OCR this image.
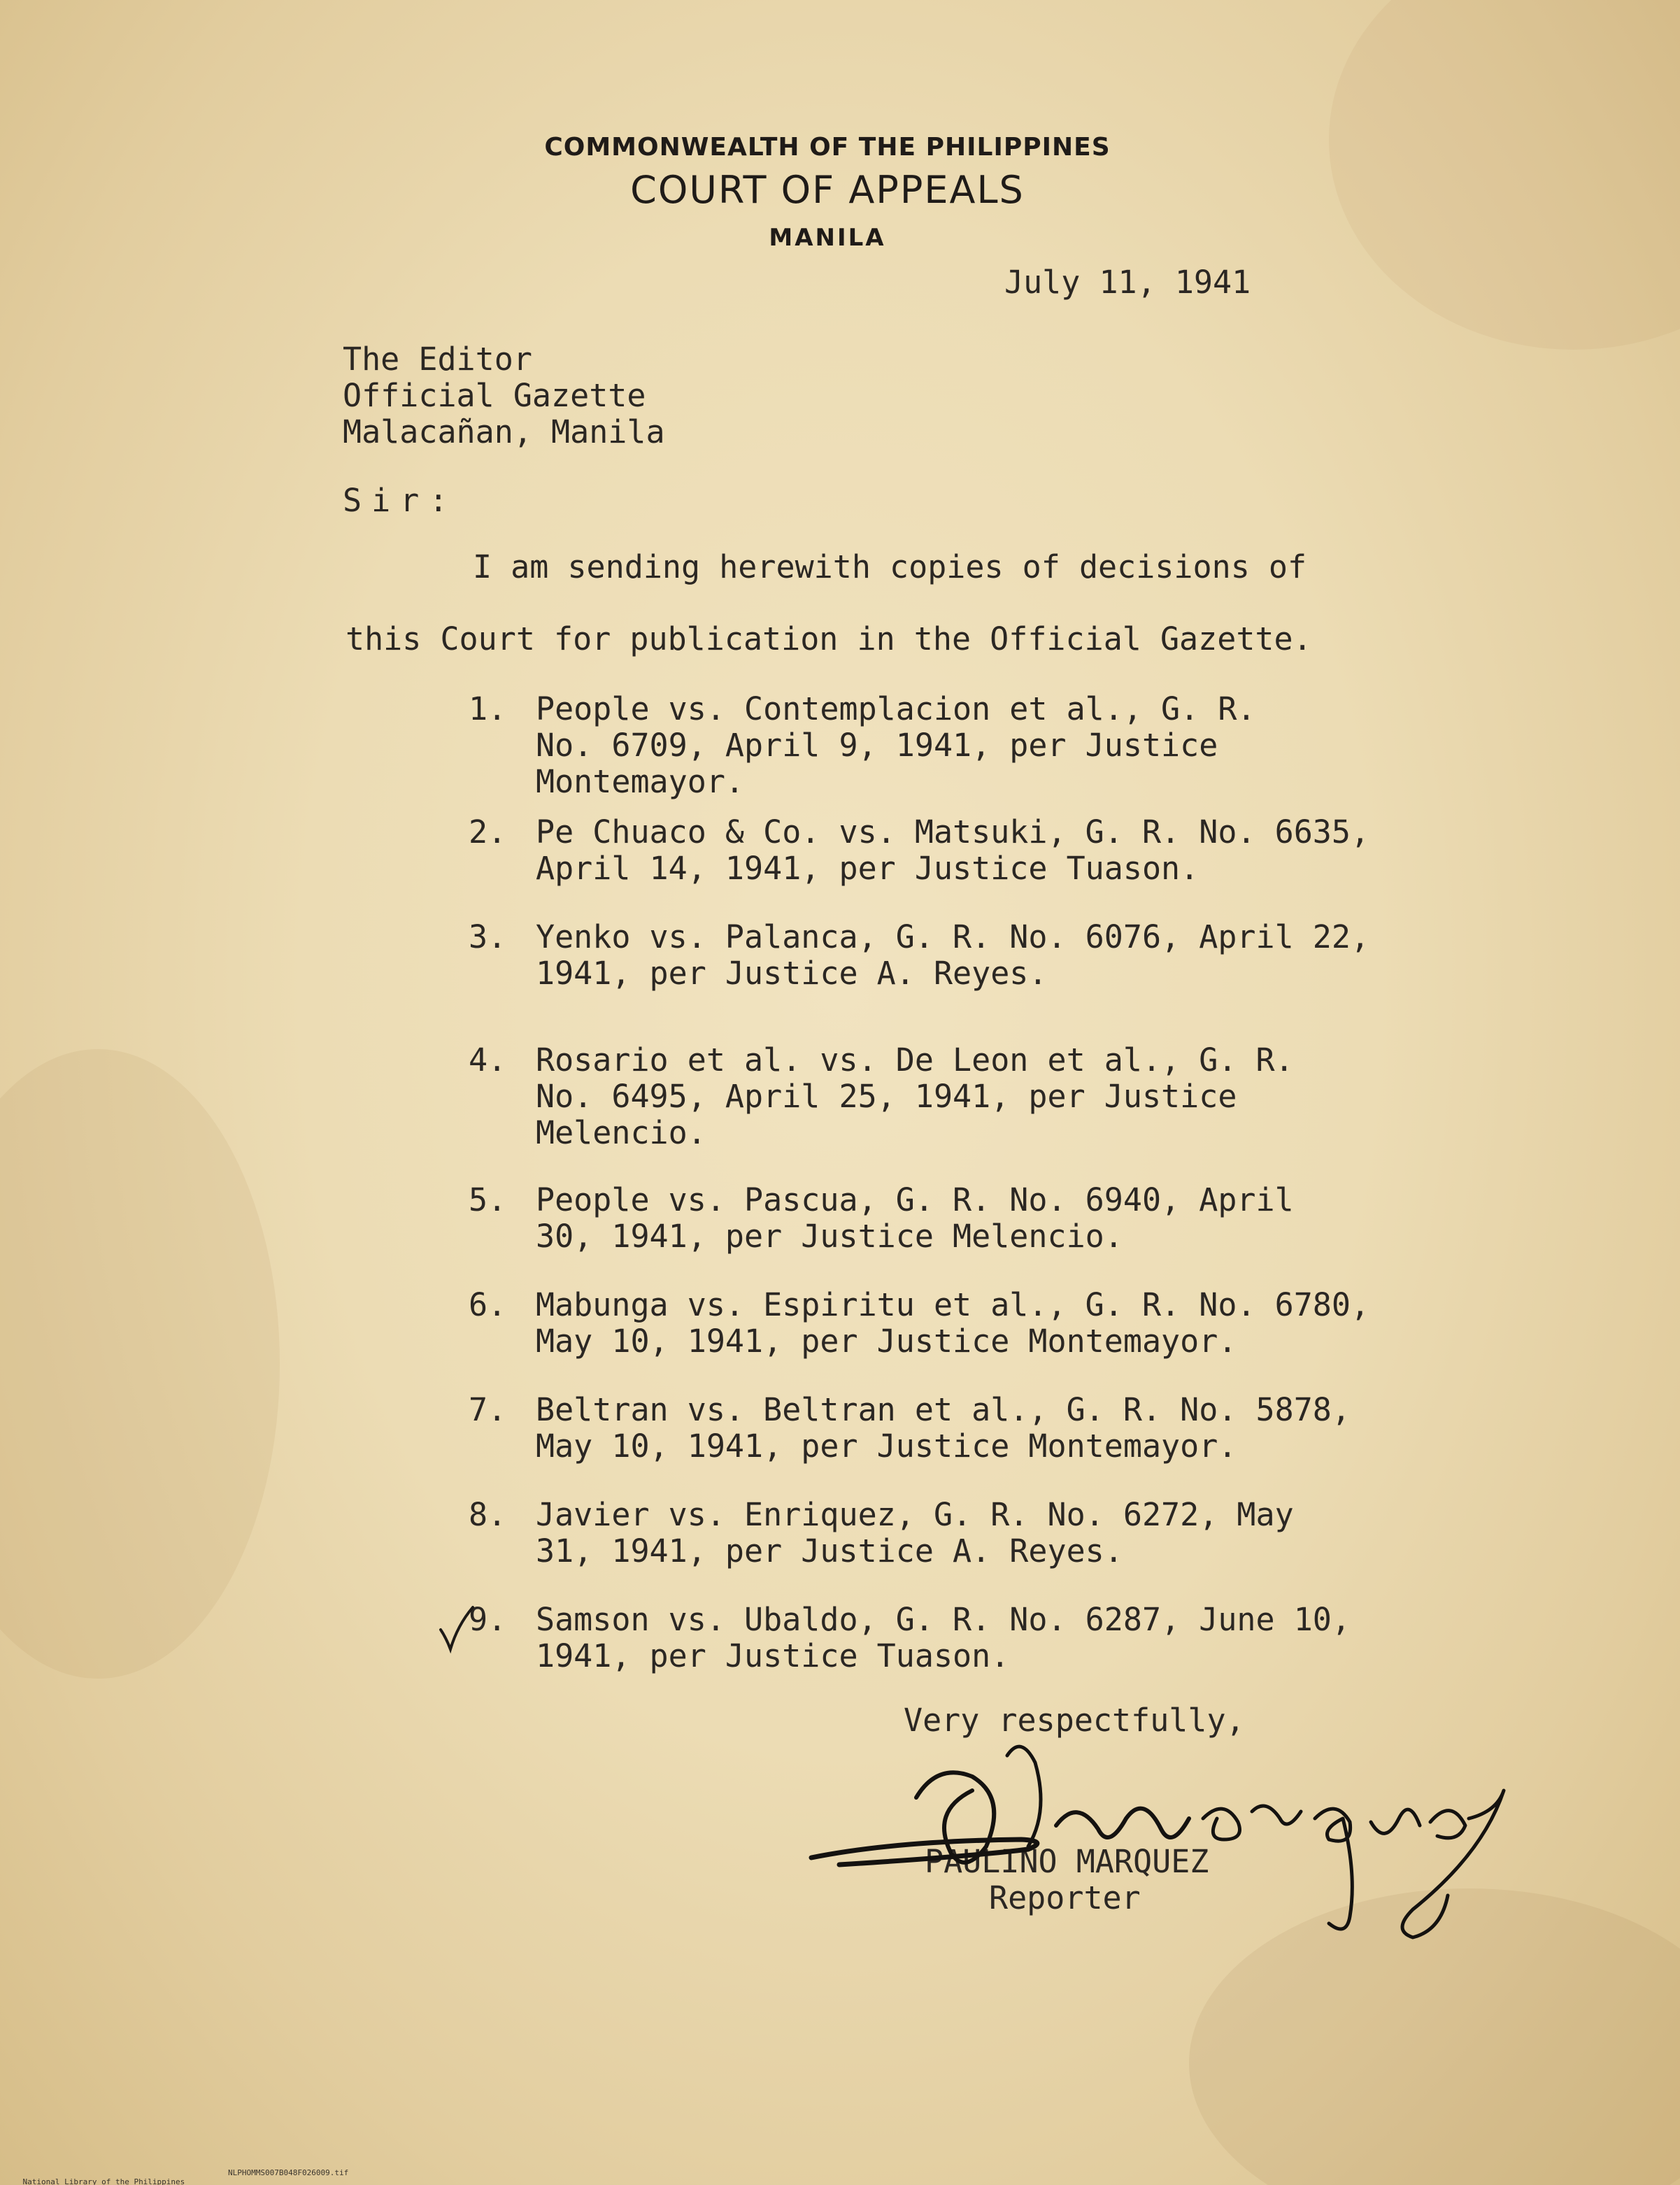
COMMONWEALTH OF THE PHILIPPINES
COURT OF APPEALS
MANILA
July 11, 1941
The Editor
Official Gazette
Malacañan, Manila
Sir:
I am sending herewith copies of decisions of
this Court for publication in the Official Gazette.
1. People vs. Contemplacion et al., G. R.
No. 6709, April 9, 1941, per Justice
Montemayor.
2. Pe Chuaco & Co. vs. Matsuki, G. R. No. 6635,
April 14, 1941, per Justice Tuason.
3. Yenko vs. Palanca, G. R. No. 6076, April 22,
1941, per Justice A. Reyes.
4. Rosario et al. vs. De Leon et al., G. R.
No. 6495, April 25, 1941, per Justice
Melencio.
5. People vs. Pascua, G. R. No. 6940, April
30, 1941, per Justice Melencio.
6. Mabunga vs. Espiritu et al., G. R. No. 6780,
May 10, 1941, per Justice Montemayor.
7. Beltran vs. Beltran et al., G. R. No. 5878,
May 10, 1941, per Justice Montemayor.
8. Javier vs. Enriquez, G. R. No. 6272, May
31, 1941, per Justice A. Reyes.
9. Samson vs. Ubaldo, G. R. No. 6287, June 10,
1941, per Justice Tuason.
Very respectfully,
PAULINO MARQUEZ
Reporter

National Library of the Philippines

NLPHOMMS007B048F026009.tif
